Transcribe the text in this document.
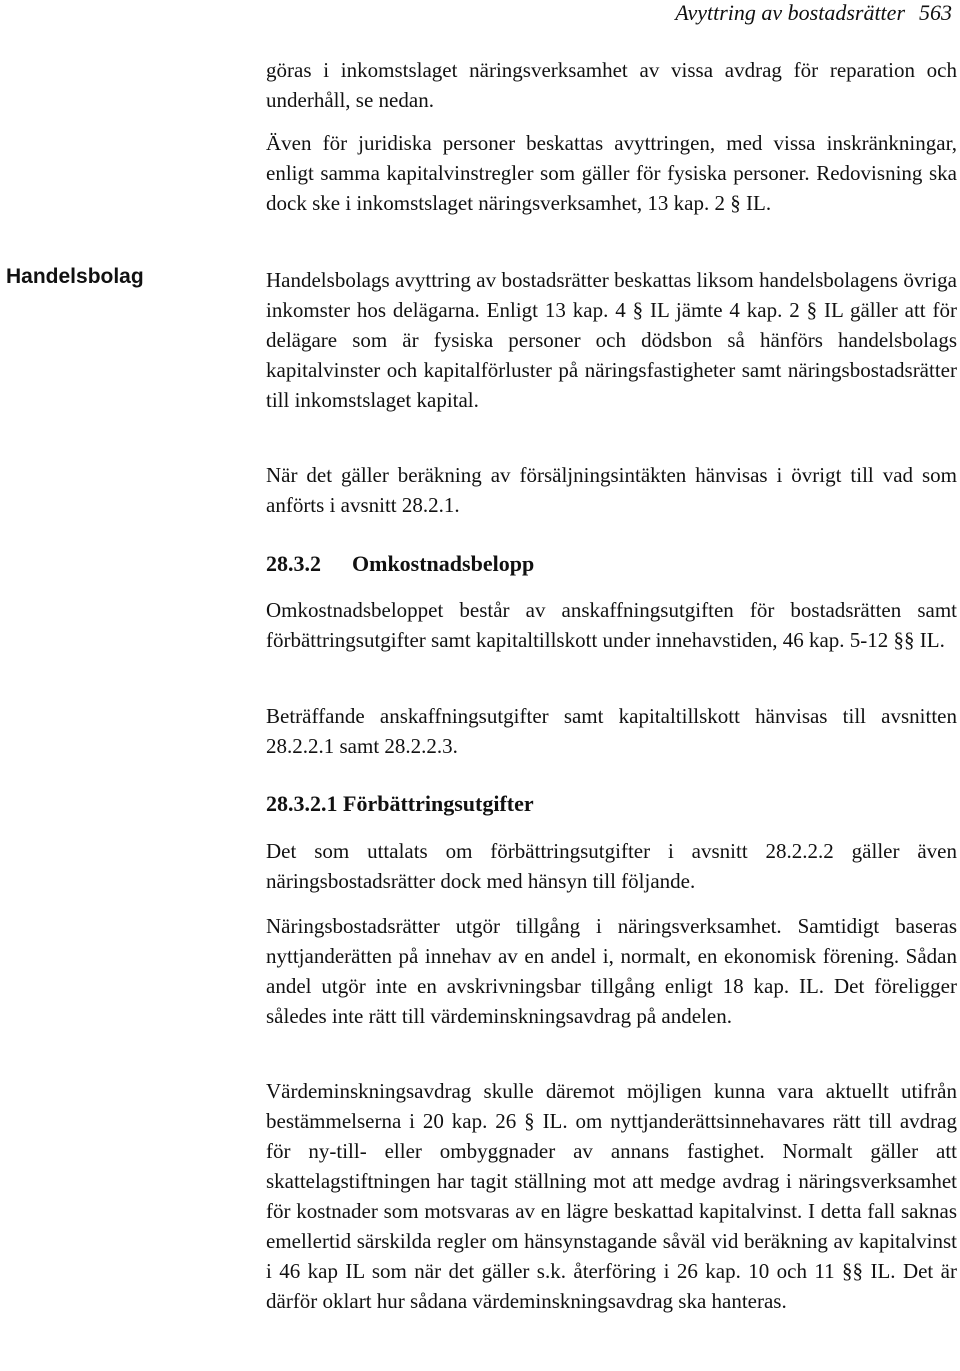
Avyttring av bostadsrätter 563
Handelsbolag

göras i inkomstslaget näringsverksamhet av vissa avdrag för reparation och underhåll, se nedan.

Även för juridiska personer beskattas avyttringen, med vissa inskränkningar, enligt samma kapitalvinstregler som gäller för fysiska personer. Redovisning ska dock ske i inkomstslaget näringsverksamhet, 13 kap. 2 § IL.

Handelsbolags avyttring av bostadsrätter beskattas liksom handelsbolagens övriga inkomster hos delägarna. Enligt 13 kap. 4 § IL jämte 4 kap. 2 § IL gäller att för delägare som är fysiska personer och dödsbon så hänförs handelsbolags kapitalvinster och kapitalförluster på näringsfastigheter samt näringsbostadsrätter till inkomstslaget kapital.

När det gäller beräkning av försäljningsintäkten hänvisas i övrigt till vad som anförts i avsnitt 28.2.1.

28.3.2 Omkostnadsbelopp

Omkostnadsbeloppet består av anskaffningsutgiften för bostadsrätten samt förbättringsutgifter samt kapitaltillskott under innehavstiden, 46 kap. 5-12 §§ IL.

Beträffande anskaffningsutgifter samt kapitaltillskott hänvisas till avsnitten 28.2.2.1 samt 28.2.2.3.

28.3.2.1 Förbättringsutgifter

Det som uttalats om förbättringsutgifter i avsnitt 28.2.2.2 gäller även näringsbostadsrätter dock med hänsyn till följande.

Näringsbostadsrätter utgör tillgång i näringsverksamhet. Samtidigt baseras nyttjanderätten på innehav av en andel i, normalt, en ekonomisk förening. Sådan andel utgör inte en avskrivningsbar tillgång enligt 18 kap. IL. Det föreligger således inte rätt till värdeminskningsavdrag på andelen.

Värdeminskningsavdrag skulle däremot möjligen kunna vara aktuellt utifrån bestämmelserna i 20 kap. 26 § IL. om nyttjanderättsinnehavares rätt till avdrag för ny-till- eller ombyggnader av annans fastighet. Normalt gäller att skattelagstiftningen har tagit ställning mot att medge avdrag i näringsverksamhet för kostnader som motsvaras av en lägre beskattad kapitalvinst. I detta fall saknas emellertid särskilda regler om hänsynstagande såväl vid beräkning av kapitalvinst i 46 kap IL som när det gäller s.k. återföring i 26 kap. 10 och 11 §§ IL. Det är därför oklart hur sådana värdeminskningsavdrag ska hanteras.
